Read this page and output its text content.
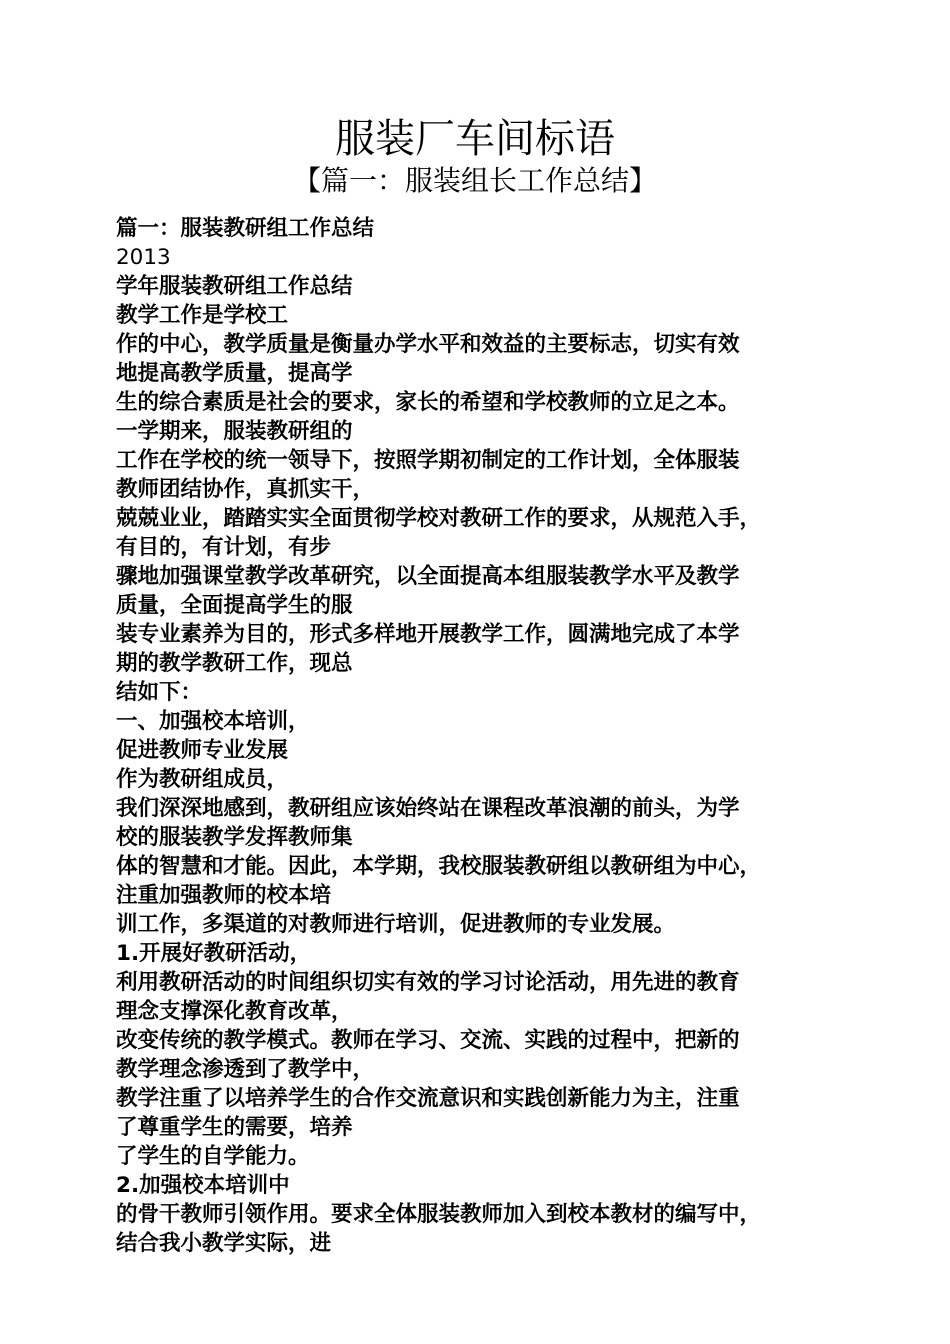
服装厂车间标语
【篇一：服装组长工作总结】
篇一：服装教研组工作总结
2013
学年服装教研组工作总结
教学工作是学校工
作的中心，教学质量是衡量办学水平和效益的主要标志，切实有效
地提高教学质量，提高学
生的综合素质是社会的要求，家长的希望和学校教师的立足之本。
一学期来，服装教研组的
工作在学校的统一领导下，按照学期初制定的工作计划，全体服装
教师团结协作，真抓实干，
兢兢业业，踏踏实实全面贯彻学校对教研工作的要求，从规范入手，
有目的，有计划，有步
骤地加强课堂教学改革研究，以全面提高本组服装教学水平及教学
质量，全面提高学生的服
装专业素养为目的，形式多样地开展教学工作，圆满地完成了本学
期的教学教研工作，现总
结如下：
一、加强校本培训，
促进教师专业发展
作为教研组成员，
我们深深地感到，教研组应该始终站在课程改革浪潮的前头，为学
校的服装教学发挥教师集
体的智慧和才能。因此，本学期，我校服装教研组以教研组为中心，
注重加强教师的校本培
训工作，多渠道的对教师进行培训，促进教师的专业发展。
1.开展好教研活动，
利用教研活动的时间组织切实有效的学习讨论活动，用先进的教育
理念支撑深化教育改革，
改变传统的教学模式。教师在学习、交流、实践的过程中，把新的
教学理念渗透到了教学中，
教学注重了以培养学生的合作交流意识和实践创新能力为主，注重
了尊重学生的需要，培养
了学生的自学能力。
2.加强校本培训中
的骨干教师引领作用。要求全体服装教师加入到校本教材的编写中，
结合我小教学实际，进
